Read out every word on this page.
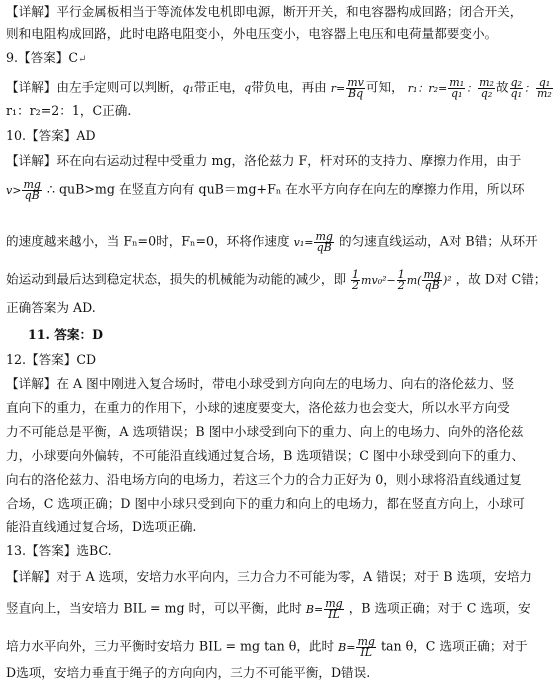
【详解】平行金属板相当于等流体发电机即电源，断开开关，和电容器构成回路；闭合开关，
则和电阻构成回路，此时电路电阻变小，外电压变小，电容器上电压和电荷量都要变小。
9.【答案】C↵
【详解】由左手定则可以判断，q₁带正电，q带负电，再由 $r= \frac{mv}{Bq}$ 可知， r₁：$r_2= \frac{\text{m₁}}{\text{q₁}}$ ： $\frac{\text{m₂}}{\text{q₂}}$ 故 $\frac{\text{q₂}}{\text{q₁}}$ ： $\frac{\text{q₁}}{\text{m₂}}$
r₁：r₂=2：1，C正确.
10.【答案】AD
【详解】环在向右运动过程中受重力 mg，洛伦兹力 F，杆对环的支持力、摩擦力作用，由于
$v> \frac{mg}{qB}$ ∴ quB>mg 在竖直方向有 quB＝mg+Fₙ 在水平方向存在向左的摩擦力作用，所以环
的速度越来越小，当 Fₙ=0时，Fₙ=0，环将作速度 $v_1= \frac{mg}{qB}$ 的匀速直线运动，A对 B错；从环开
始运动到最后达到稳定状态，损失的机械能为动能的减少，即 $\frac{1}{2} mv_0^2- \frac{1}{2} m( \frac{mg}{qB} )^2$ ，故 D对 C错；
正确答案为 AD.
11. 答案：D
12.【答案】CD
【详解】在 A 图中刚进入复合场时，带电小球受到方向向左的电场力、向右的洛伦兹力、竖
直向下的重力，在重力的作用下，小球的速度要变大，洛伦兹力也会变大，所以水平方向受
力不可能总是平衡，A 选项错误；B 图中小球受到向下的重力、向上的电场力、向外的洛伦兹
力，小球要向外偏转，不可能沿直线通过复合场，B 选项错误；C 图中小球受到向下的重力、
向右的洛伦兹力、沿电场方向的电场力，若这三个力的合力正好为 0，则小球将沿直线通过复
合场，C 选项正确；D 图中小球只受到向下的重力和向上的电场力，都在竖直方向上，小球可
能沿直线通过复合场，D选项正确.
13.【答案】选BC.
【详解】对于 A 选项，安培力水平向内，三力合力不可能为零，A 错误；对于 B 选项，安培力
竖直向上，当安培力 BIL = mg 时，可以平衡，此时 $B= \frac{mg}{IL}$ ，B 选项正确；对于 C 选项，安
培力水平向外，三力平衡时安培力 BIL = mg tan θ，此时 $B= \frac{mg}{IL}$ tan θ，C 选项正确；对于
D选项，安培力垂直于绳子的方向向内，三力不可能平衡，D错误.
